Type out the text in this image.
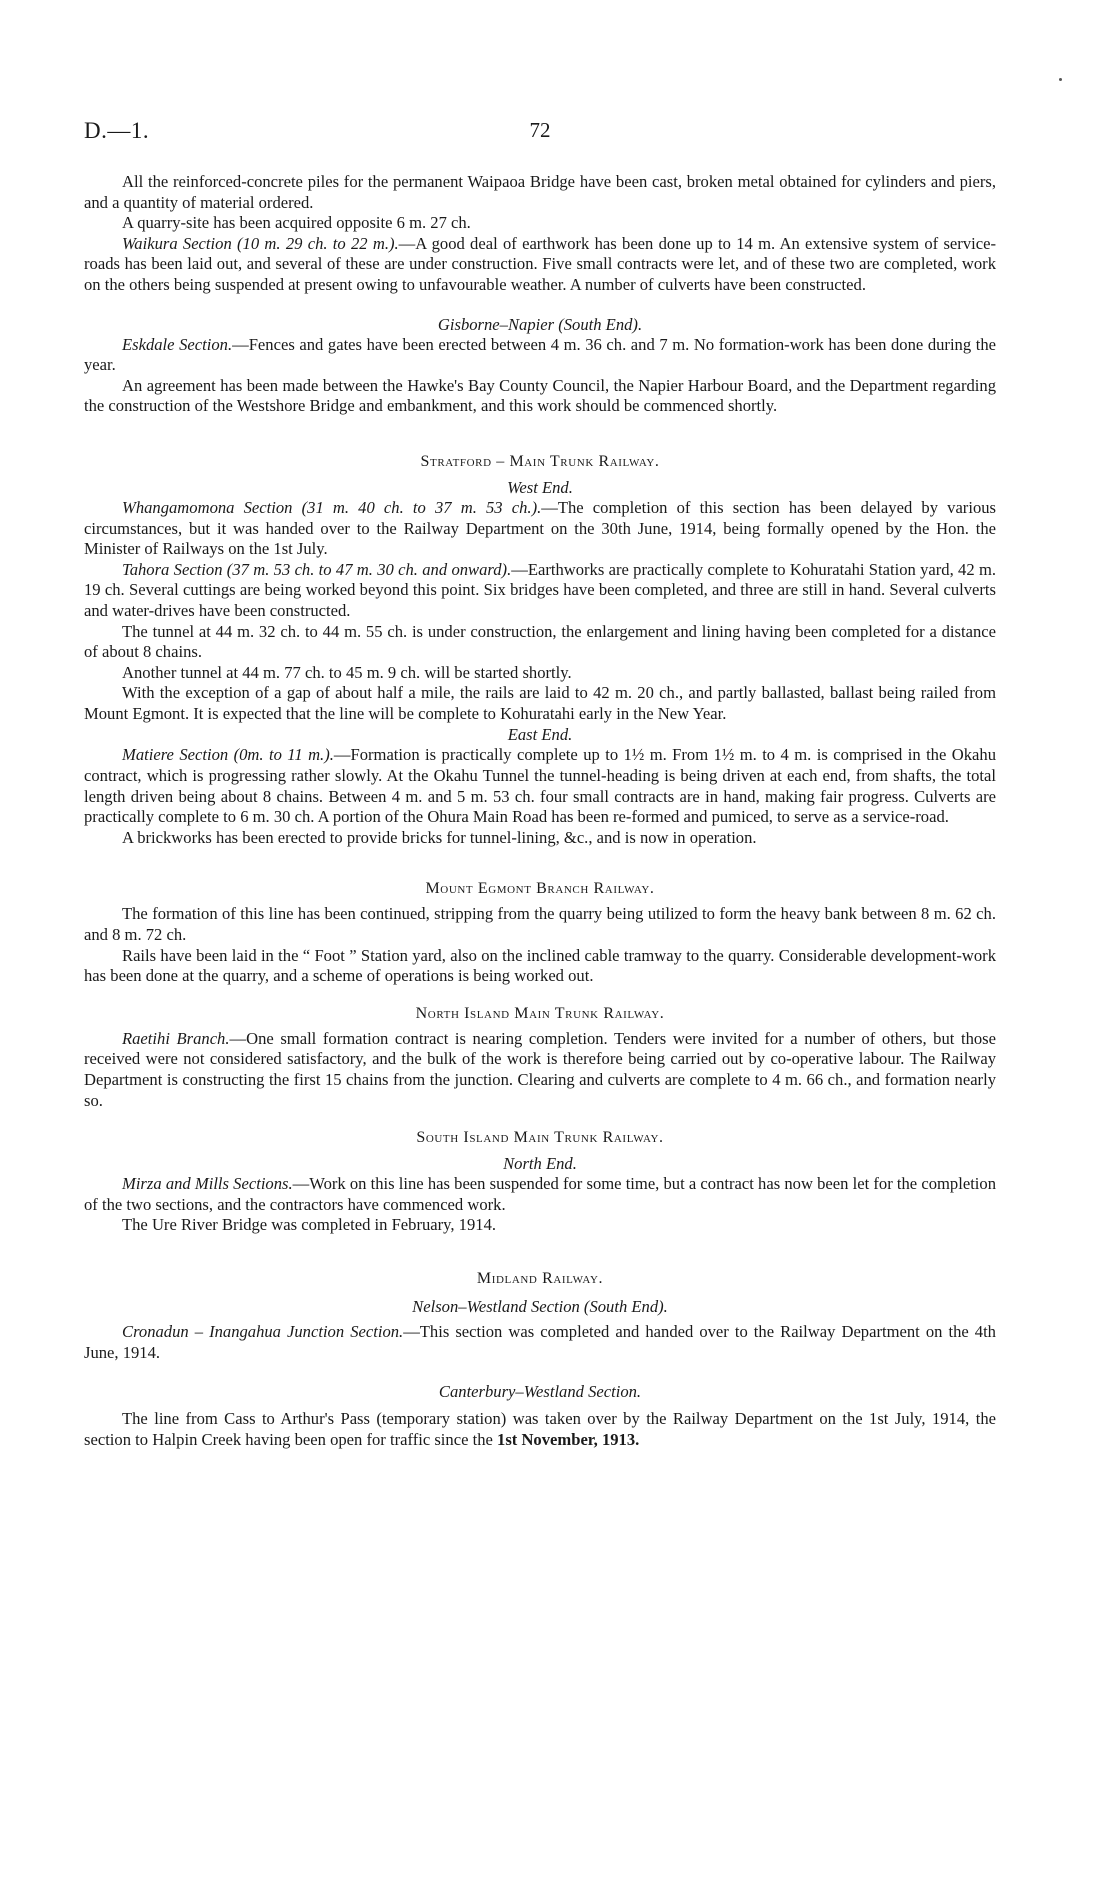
D.—1.	72

All the reinforced-concrete piles for the permanent Waipaoa Bridge have been cast, broken metal obtained for cylinders and piers, and a quantity of material ordered.

A quarry-site has been acquired opposite 6 m. 27 ch.

Waikura Section (10 m. 29 ch. to 22 m.).—A good deal of earthwork has been done up to 14 m. An extensive system of service-roads has been laid out, and several of these are under construction. Five small contracts were let, and of these two are completed, work on the others being suspended at present owing to unfavourable weather. A number of culverts have been constructed.

Gisborne–Napier (South End).

Eskdale Section.—Fences and gates have been erected between 4 m. 36 ch. and 7 m. No formation-work has been done during the year.

An agreement has been made between the Hawke's Bay County Council, the Napier Harbour Board, and the Department regarding the construction of the Westshore Bridge and embankment, and this work should be commenced shortly.

Stratford – Main Trunk Railway.
West End.

Whangamomona Section (31 m. 40 ch. to 37 m. 53 ch.).—The completion of this section has been delayed by various circumstances, but it was handed over to the Railway Department on the 30th June, 1914, being formally opened by the Hon. the Minister of Railways on the 1st July.

Tahora Section (37 m. 53 ch. to 47 m. 30 ch. and onward).—Earthworks are practically complete to Kohuratahi Station yard, 42 m. 19 ch. Several cuttings are being worked beyond this point. Six bridges have been completed, and three are still in hand. Several culverts and water-drives have been constructed.

The tunnel at 44 m. 32 ch. to 44 m. 55 ch. is under construction, the enlargement and lining having been completed for a distance of about 8 chains.

Another tunnel at 44 m. 77 ch. to 45 m. 9 ch. will be started shortly.

With the exception of a gap of about half a mile, the rails are laid to 42 m. 20 ch., and partly ballasted, ballast being railed from Mount Egmont. It is expected that the line will be complete to Kohuratahi early in the New Year.

East End.

Matiere Section (0m. to 11 m.).—Formation is practically complete up to 1½ m. From 1½ m. to 4 m. is comprised in the Okahu contract, which is progressing rather slowly. At the Okahu Tunnel the tunnel-heading is being driven at each end, from shafts, the total length driven being about 8 chains. Between 4 m. and 5 m. 53 ch. four small contracts are in hand, making fair progress. Culverts are practically complete to 6 m. 30 ch. A portion of the Ohura Main Road has been re-formed and pumiced, to serve as a service-road.

A brickworks has been erected to provide bricks for tunnel-lining, &c., and is now in operation.

Mount Egmont Branch Railway.

The formation of this line has been continued, stripping from the quarry being utilized to form the heavy bank between 8 m. 62 ch. and 8 m. 72 ch.

Rails have been laid in the “ Foot ” Station yard, also on the inclined cable tramway to the quarry. Considerable development-work has been done at the quarry, and a scheme of operations is being worked out.

North Island Main Trunk Railway.

Raetihi Branch.—One small formation contract is nearing completion. Tenders were invited for a number of others, but those received were not considered satisfactory, and the bulk of the work is therefore being carried out by co-operative labour. The Railway Department is constructing the first 15 chains from the junction. Clearing and culverts are complete to 4 m. 66 ch., and formation nearly so.

South Island Main Trunk Railway.
North End.

Mirza and Mills Sections.—Work on this line has been suspended for some time, but a contract has now been let for the completion of the two sections, and the contractors have commenced work.

The Ure River Bridge was completed in February, 1914.

Midland Railway.
Nelson–Westland Section (South End).

Cronadun – Inangahua Junction Section.—This section was completed and handed over to the Railway Department on the 4th June, 1914.

Canterbury–Westland Section.

The line from Cass to Arthur's Pass (temporary station) was taken over by the Railway Department on the 1st July, 1914, the section to Halpin Creek having been open for traffic since the 1st November, 1913.
